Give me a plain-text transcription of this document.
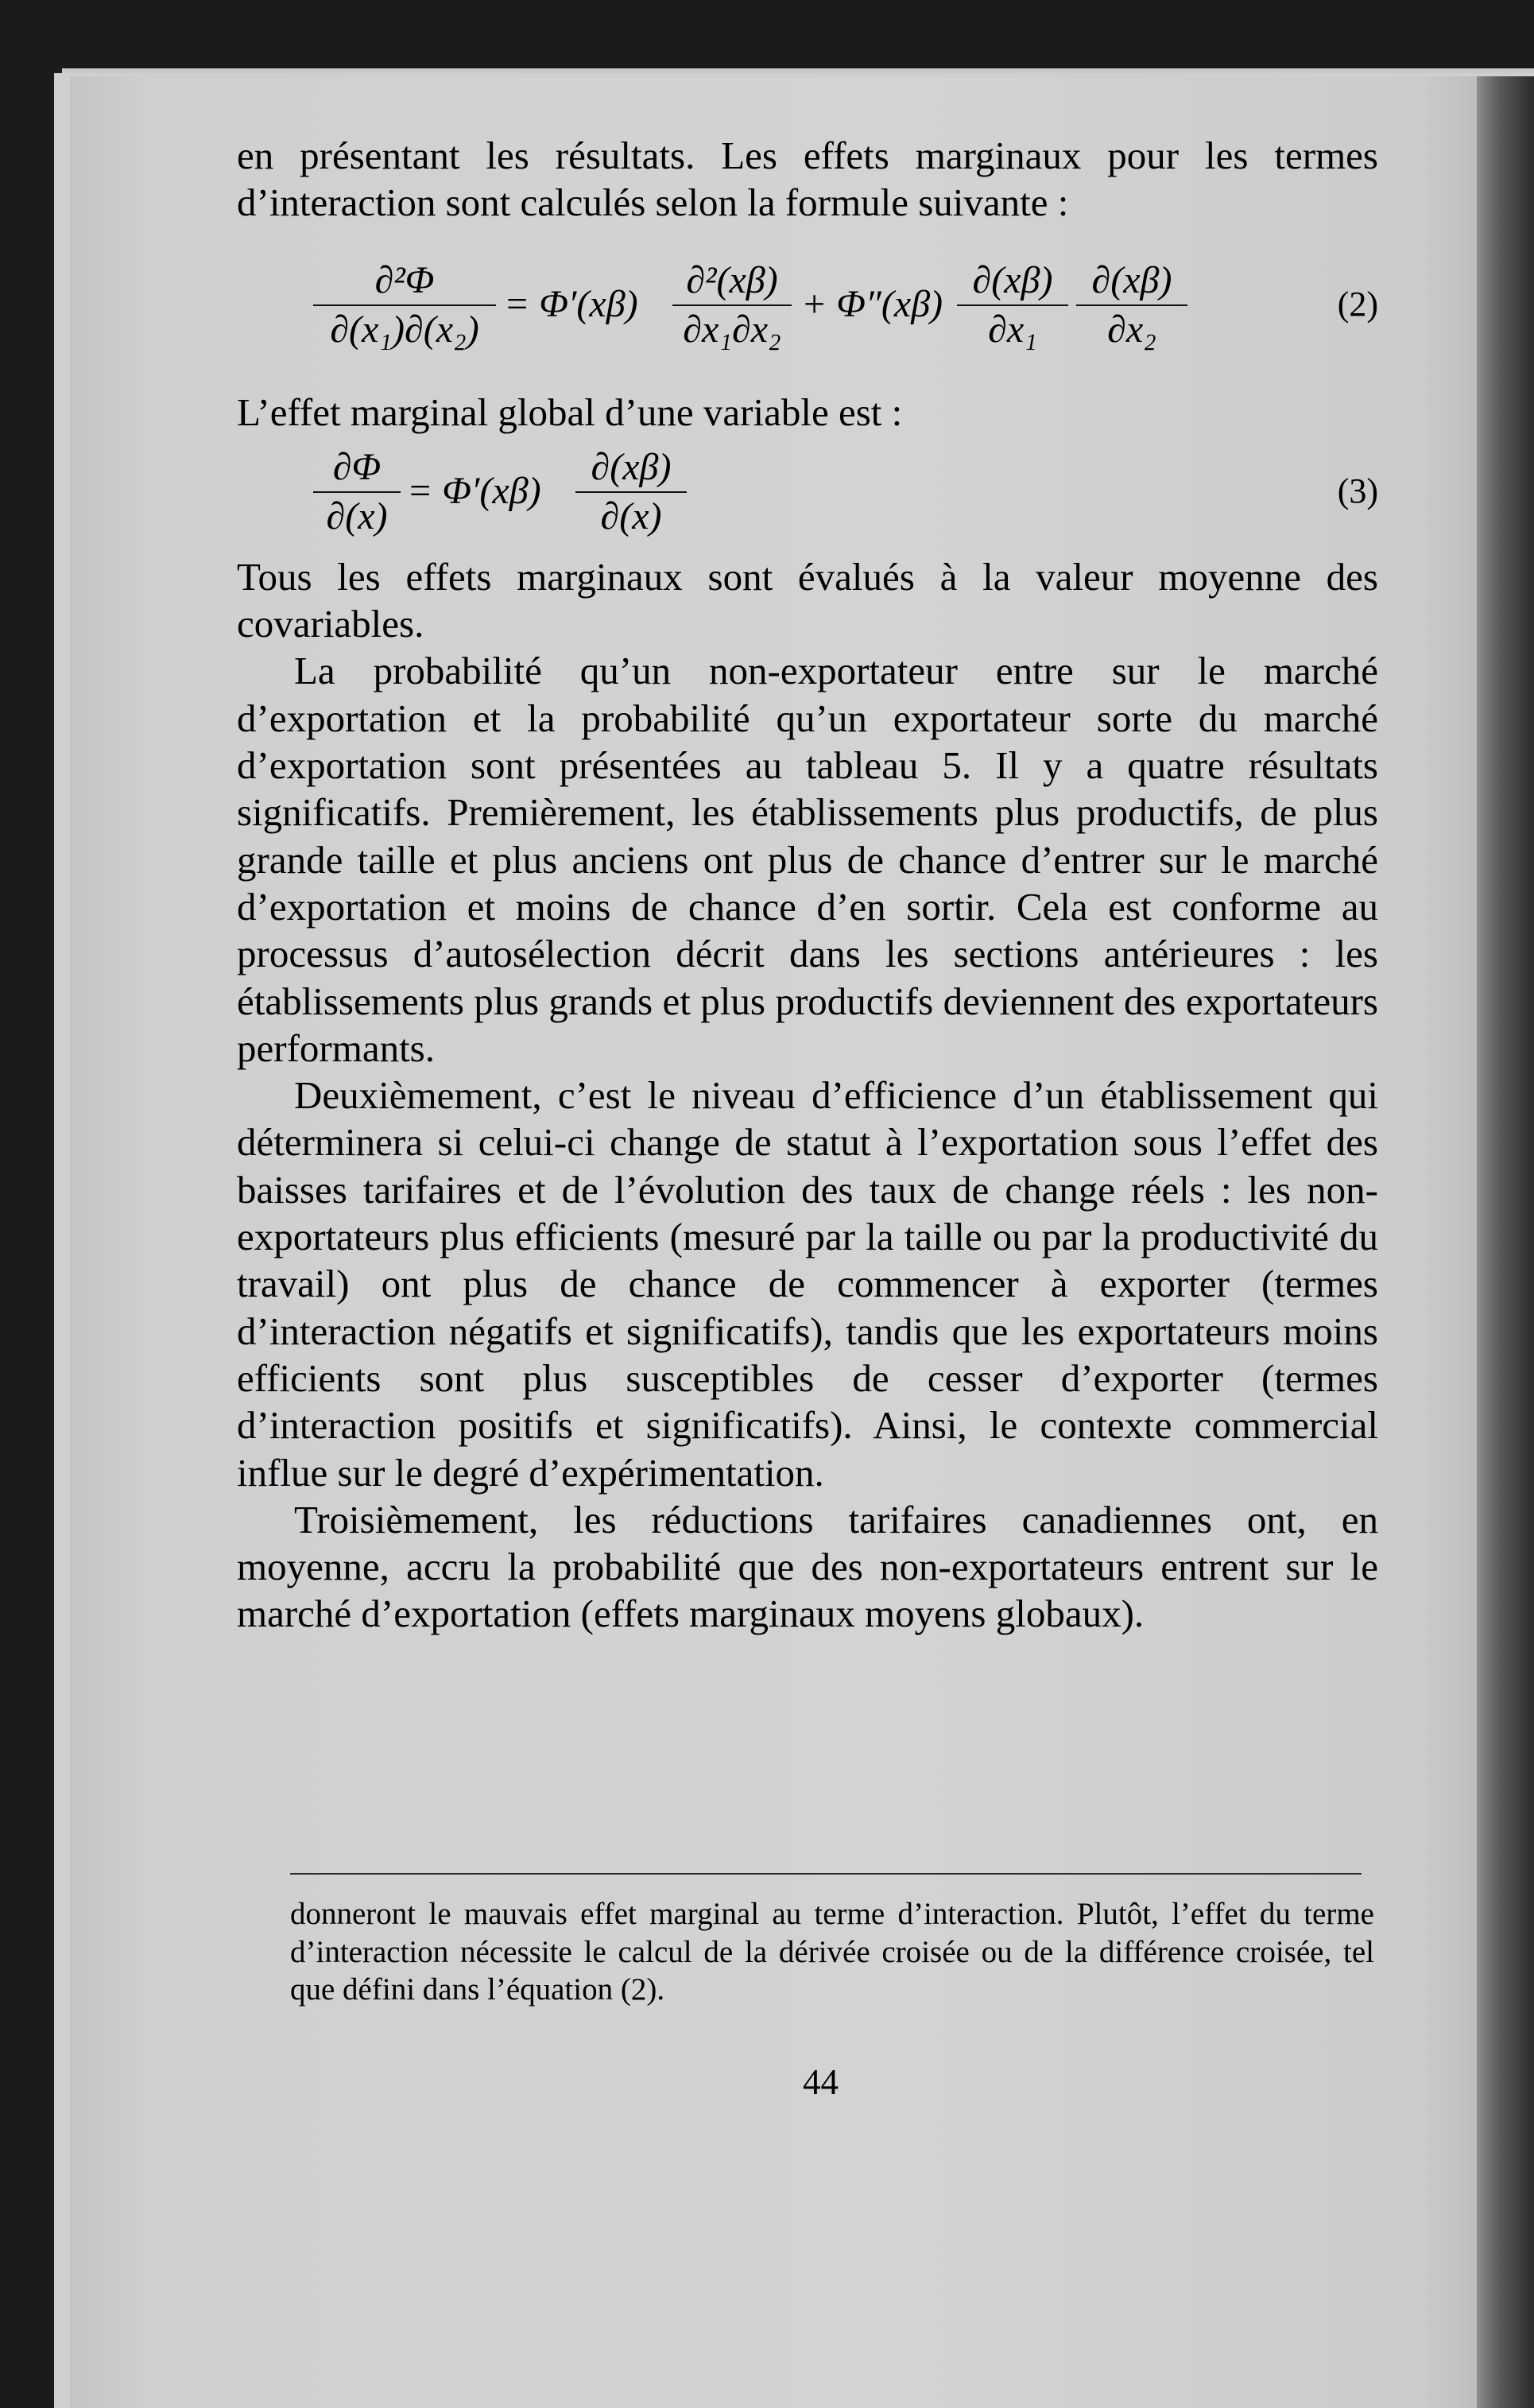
en présentant les résultats. Les effets marginaux pour les termes d’interaction sont calculés selon la formule suivante :

$\frac{\text{∂²Φ}}{\text{∂(x₁)∂(x₂)}} = \Phi'(x\beta) \frac{\text{∂²(xβ)}}{\text{∂x₁∂x₂}} + \Phi''(x\beta) \frac{\partial(x\beta)}{\text{∂x₁}} \frac{\partial(x\beta)}{\text{∂x₂}}$	(2)

L’effet marginal global d’une variable est :

$\frac{\partial\Phi}{\partial(x)} = \Phi'(x\beta) \frac{\partial(x\beta)}{\partial(x)}$	(3)

Tous les effets marginaux sont évalués à la valeur moyenne des covariables.

La probabilité qu’un non-exportateur entre sur le marché d’exportation et la probabilité qu’un exportateur sorte du marché d’exportation sont présentées au tableau 5. Il y a quatre résultats significatifs. Premièrement, les établissements plus productifs, de plus grande taille et plus anciens ont plus de chance d’entrer sur le marché d’exportation et moins de chance d’en sortir. Cela est conforme au processus d’autosélection décrit dans les sections antérieures : les établissements plus grands et plus productifs deviennent des exportateurs performants.

Deuxièmement, c’est le niveau d’efficience d’un établissement qui déterminera si celui-ci change de statut à l’exportation sous l’effet des baisses tarifaires et de l’évolution des taux de change réels : les non-exportateurs plus efficients (mesuré par la taille ou par la productivité du travail) ont plus de chance de commencer à exporter (termes d’interaction négatifs et significatifs), tandis que les exportateurs moins efficients sont plus susceptibles de cesser d’exporter (termes d’interaction positifs et significatifs). Ainsi, le contexte commercial influe sur le degré d’expérimentation.

Troisièmement, les réductions tarifaires canadiennes ont, en moyenne, accru la probabilité que des non-exportateurs entrent sur le marché d’exportation (effets marginaux moyens globaux).

donneront le mauvais effet marginal au terme d’interaction. Plutôt, l’effet du terme d’interaction nécessite le calcul de la dérivée croisée ou de la différence croisée, tel que défini dans l’équation (2).

44
